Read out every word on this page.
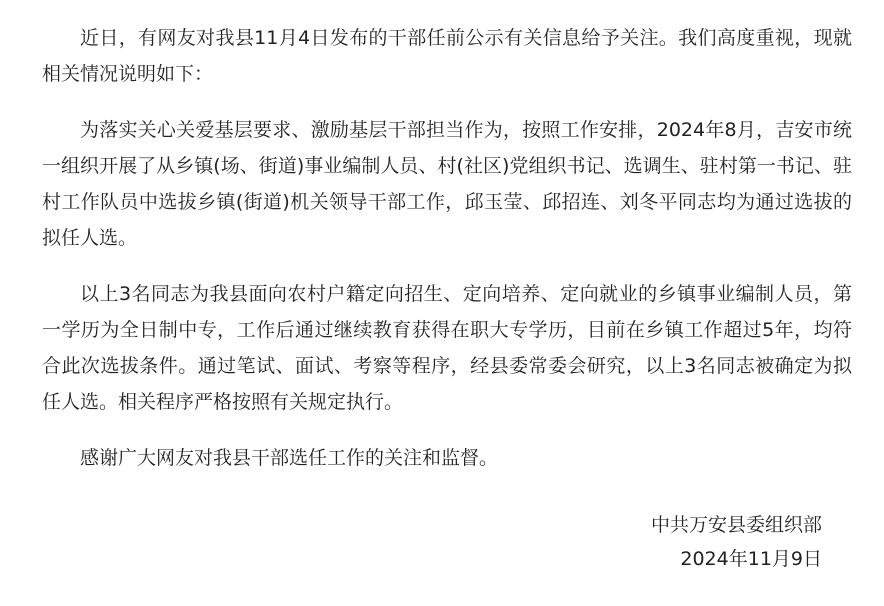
近日，有网友对我县11月4日发布的干部任前公示有关信息给予关注。我们高度重视，现就相关情况说明如下：

为落实关心关爱基层要求、激励基层干部担当作为，按照工作安排，2024年8月，吉安市统一组织开展了从乡镇(场、街道)事业编制人员、村(社区)党组织书记、选调生、驻村第一书记、驻村工作队员中选拔乡镇(街道)机关领导干部工作，邱玉莹、邱招连、刘冬平同志均为通过选拔的拟任人选。

以上3名同志为我县面向农村户籍定向招生、定向培养、定向就业的乡镇事业编制人员，第一学历为全日制中专，工作后通过继续教育获得在职大专学历，目前在乡镇工作超过5年，均符合此次选拔条件。通过笔试、面试、考察等程序，经县委常委会研究，以上3名同志被确定为拟任人选。相关程序严格按照有关规定执行。

感谢广大网友对我县干部选任工作的关注和监督。

中共万安县委组织部
2024年11月9日
